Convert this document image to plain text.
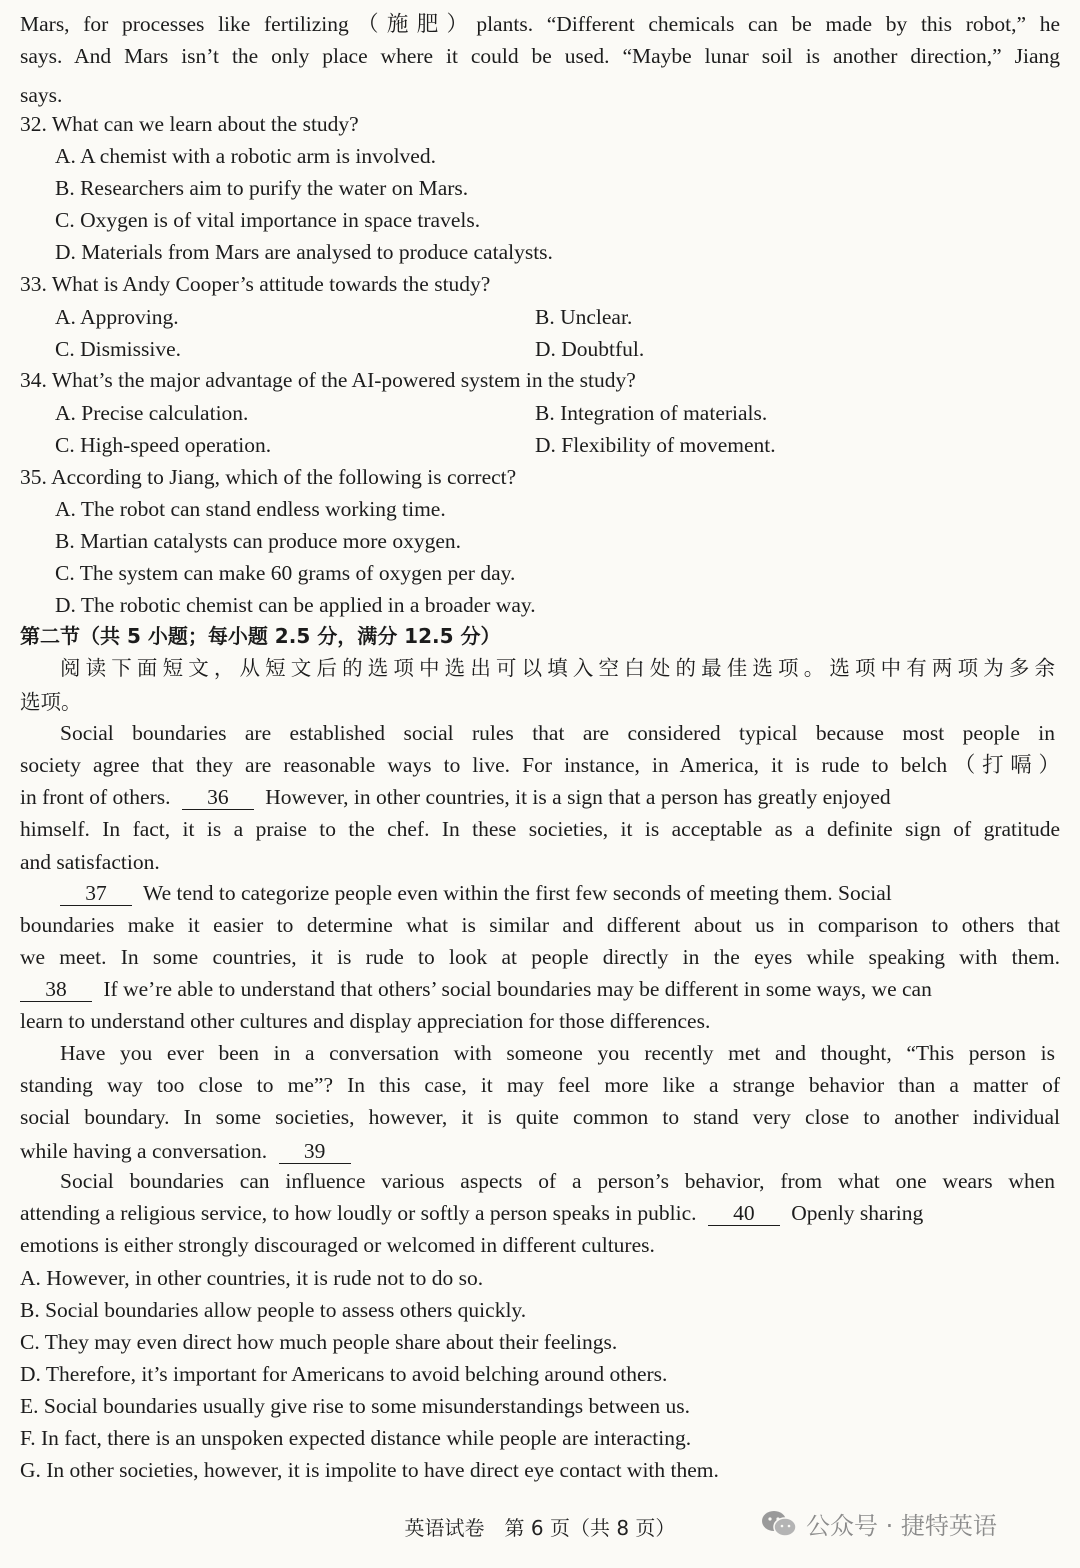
Mars, for processes like fertilizing（施肥）plants. “Different chemicals can be made by this robot,” he
says. And Mars isn’t the only place where it could be used. “Maybe lunar soil is another direction,” Jiang
says.
32. What can we learn about the study?
A. A chemist with a robotic arm is involved.
B. Researchers aim to purify the water on Mars.
C. Oxygen is of vital importance in space travels.
D. Materials from Mars are analysed to produce catalysts.
33. What is Andy Cooper’s attitude towards the study?
A. Approving.	B. Unclear.
C. Dismissive.	D. Doubtful.
34. What’s the major advantage of the AI-powered system in the study?
A. Precise calculation.	B. Integration of materials.
C. High-speed operation.	D. Flexibility of movement.
35. According to Jiang, which of the following is correct?
A. The robot can stand endless working time.
B. Martian catalysts can produce more oxygen.
C. The system can make 60 grams of oxygen per day.
D. The robotic chemist can be applied in a broader way.
第二节（共 5 小题；每小题 2.5 分，满分 12.5 分）
阅读下面短文，从短文后的选项中选出可以填入空白处的最佳选项。选项中有两项为多余
选项。
Social boundaries are established social rules that are considered typical because most people in
society agree that they are reasonable ways to live. For instance, in America, it is rude to belch（打嗝）
in front of others. 36 However, in other countries, it is a sign that a person has greatly enjoyed
himself. In fact, it is a praise to the chef. In these societies, it is acceptable as a definite sign of gratitude
and satisfaction.
37 We tend to categorize people even within the first few seconds of meeting them. Social
boundaries make it easier to determine what is similar and different about us in comparison to others that
we meet. In some countries, it is rude to look at people directly in the eyes while speaking with them.
38 If we’re able to understand that others’ social boundaries may be different in some ways, we can
learn to understand other cultures and display appreciation for those differences.
Have you ever been in a conversation with someone you recently met and thought, “This person is
standing way too close to me”? In this case, it may feel more like a strange behavior than a matter of
social boundary. In some societies, however, it is quite common to stand very close to another individual
while having a conversation. 39
Social boundaries can influence various aspects of a person’s behavior, from what one wears when
attending a religious service, to how loudly or softly a person speaks in public. 40 Openly sharing
emotions is either strongly discouraged or welcomed in different cultures.
A. However, in other countries, it is rude not to do so.
B. Social boundaries allow people to assess others quickly.
C. They may even direct how much people share about their feelings.
D. Therefore, it’s important for Americans to avoid belching around others.
E. Social boundaries usually give rise to some misunderstandings between us.
F. In fact, there is an unspoken expected distance while people are interacting.
G. In other societies, however, it is impolite to have direct eye contact with them.
英语试卷　第 6 页（共 8 页）	公众号 · 捷特英语
